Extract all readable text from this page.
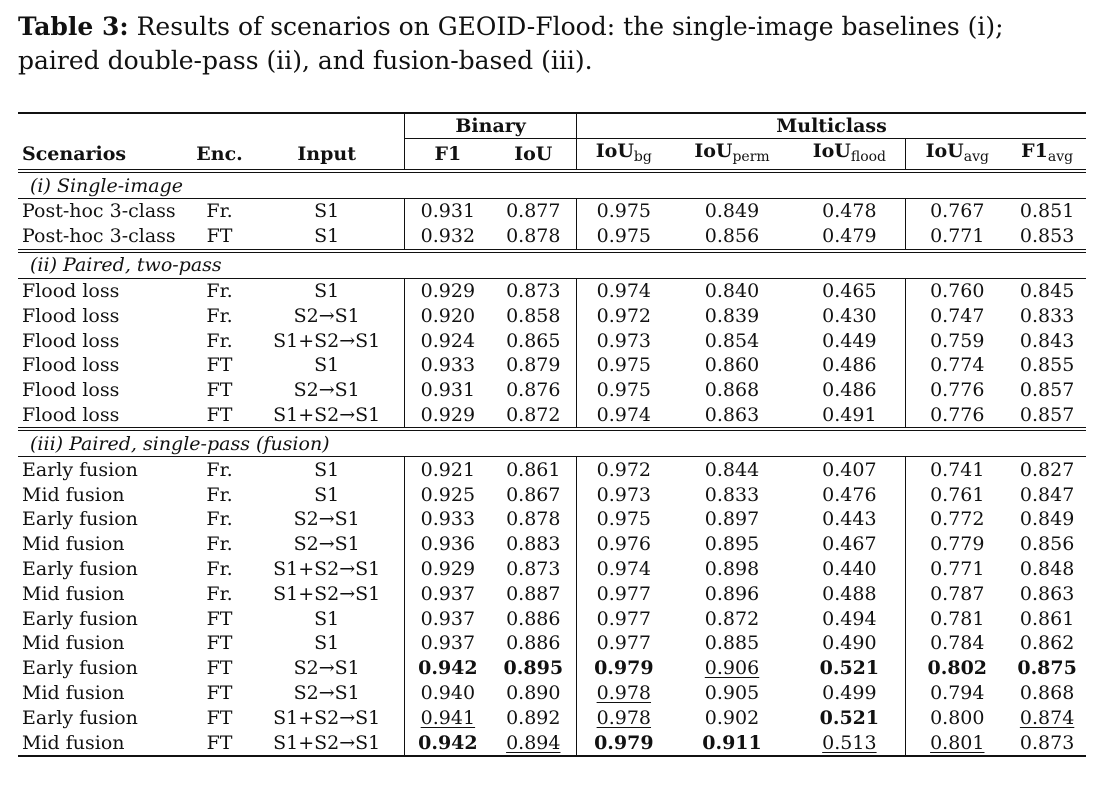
Table 3: Results of scenarios on GEOID-Flood: the single-image baselines (i); paired double-pass (ii), and fusion-based (iii).

			Binary		Multiclass				
Scenarios	Enc.	Input	F1	IoU	IoU$_{bg}$	IoU$_{perm}$	IoU$_{flood}$	IoU$_{avg}$	$F1_{avg}$
(i) Single-image									
Post-hoc 3-class	Fr.	S1	0.931	0.877	0.975	0.849	0.478	0.767	0.851
Post-hoc 3-class	FT	S1	0.932	0.878	0.975	0.856	0.479	0.771	0.853
(ii) Paired, two-pass									
Flood loss	Fr.	S1	0.929	0.873	0.974	0.840	0.465	0.760	0.845
Flood loss	Fr.	S2→S1	0.920	0.858	0.972	0.839	0.430	0.747	0.833
Flood loss	Fr.	S1+S2→S1	0.924	0.865	0.973	0.854	0.449	0.759	0.843
Flood loss	FT	S1	0.933	0.879	0.975	0.860	0.486	0.774	0.855
Flood loss	FT	S2→S1	0.931	0.876	0.975	0.868	0.486	0.776	0.857
Flood loss	FT	S1+S2→S1	0.929	0.872	0.974	0.863	0.491	0.776	0.857
(iii) Paired, single-pass (fusion)									
Early fusion	Fr.	S1	0.921	0.861	0.972	0.844	0.407	0.741	0.827
Mid fusion	Fr.	S1	0.925	0.867	0.973	0.833	0.476	0.761	0.847
Early fusion	Fr.	S2→S1	0.933	0.878	0.975	0.897	0.443	0.772	0.849
Mid fusion	Fr.	S2→S1	0.936	0.883	0.976	0.895	0.467	0.779	0.856
Early fusion	Fr.	S1+S2→S1	0.929	0.873	0.974	0.898	0.440	0.771	0.848
Mid fusion	Fr.	S1+S2→S1	0.937	0.887	0.977	0.896	0.488	0.787	0.863
Early fusion	FT	S1	0.937	0.886	0.977	0.872	0.494	0.781	0.861
Mid fusion	FT	S1	0.937	0.886	0.977	0.885	0.490	0.784	0.862
Early fusion	FT	S2→S1	0.942	0.895	0.979	0.906	0.521	0.802	0.875
Mid fusion	FT	S2→S1	0.940	0.890	0.978	0.905	0.499	0.794	0.868
Early fusion	FT	S1+S2→S1	0.941	0.892	0.978	0.902	0.521	0.800	0.874
Mid fusion	FT	S1+S2→S1	0.942	0.894	0.979	0.911	0.513	0.801	0.873
